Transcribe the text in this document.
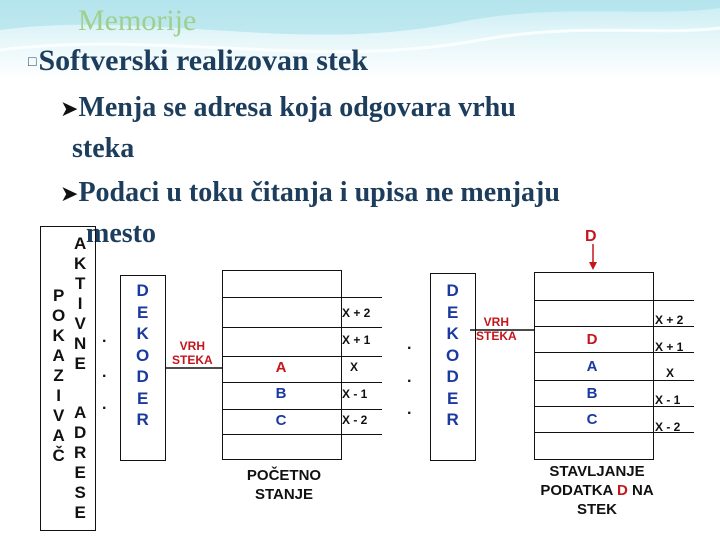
Memorije
□Softverski realizovan stek
➤Menja se adresa koja odgovara vrhu
steka
➤Podaci u toku čitanja i upisa ne menjaju
mesto
P
O
K
A
Z
I
V
A
Č
A
K
T
I
V
N
E
A
D
R
E
S
E
·
·
·
D
E
K
O
D
E
R
VRH
STEKA
X + 2
X + 1
X
X - 1
X - 2
A
B
C
POČETNO
STANJE
·
·
·
D
E
K
O
D
E
R
VRH
STEKA
X + 2
X + 1
X
X - 1
X - 2
D
A
B
C
D
STAVLJANJE
PODATKA D NA
STEK
